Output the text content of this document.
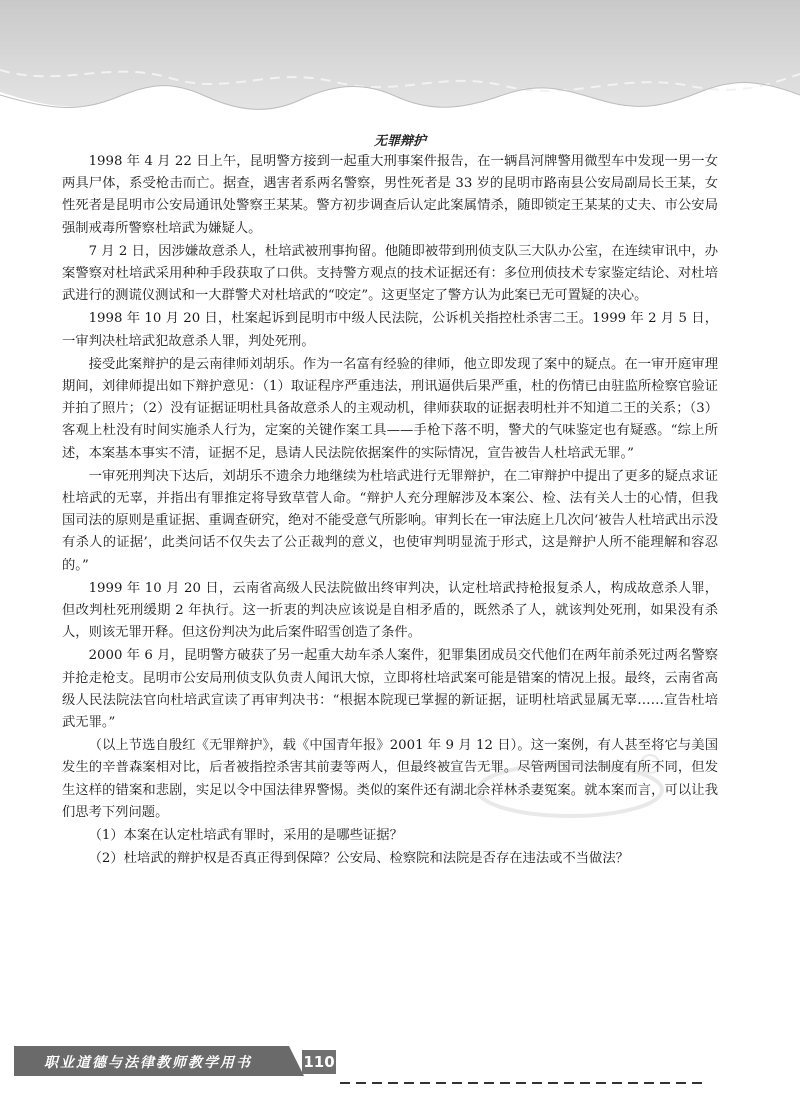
无罪辩护

1998 年 4 月 22 日上午，昆明警方接到一起重大刑事案件报告，在一辆昌河牌警用微型车中发现一男一女两具尸体，系受枪击而亡。据查，遇害者系两名警察，男性死者是 33 岁的昆明市路南县公安局副局长王某，女性死者是昆明市公安局通讯处警察王某某。警方初步调查后认定此案属情杀，随即锁定王某某的丈夫、市公安局强制戒毒所警察杜培武为嫌疑人。

7 月 2 日，因涉嫌故意杀人，杜培武被刑事拘留。他随即被带到刑侦支队三大队办公室，在连续审讯中，办案警察对杜培武采用种种手段获取了口供。支持警方观点的技术证据还有：多位刑侦技术专家鉴定结论、对杜培武进行的测谎仪测试和一大群警犬对杜培武的“咬定”。这更坚定了警方认为此案已无可置疑的决心。

1998 年 10 月 20 日，杜案起诉到昆明市中级人民法院，公诉机关指控杜杀害二王。1999 年 2 月 5 日，一审判决杜培武犯故意杀人罪，判处死刑。

接受此案辩护的是云南律师刘胡乐。作为一名富有经验的律师，他立即发现了案中的疑点。在一审开庭审理期间，刘律师提出如下辩护意见：（1）取证程序严重违法，刑讯逼供后果严重，杜的伤情已由驻监所检察官验证并拍了照片；（2）没有证据证明杜具备故意杀人的主观动机，律师获取的证据表明杜并不知道二王的关系；（3）客观上杜没有时间实施杀人行为，定案的关键作案工具——手枪下落不明，警犬的气味鉴定也有疑惑。“综上所述，本案基本事实不清，证据不足，恳请人民法院依据案件的实际情况，宣告被告人杜培武无罪。”

一审死刑判决下达后，刘胡乐不遗余力地继续为杜培武进行无罪辩护，在二审辩护中提出了更多的疑点求证杜培武的无辜，并指出有罪推定将导致草菅人命。“辩护人充分理解涉及本案公、检、法有关人士的心情，但我国司法的原则是重证据、重调查研究，绝对不能受意气所影响。审判长在一审法庭上几次问‘被告人杜培武出示没有杀人的证据’，此类问话不仅失去了公正裁判的意义，也使审判明显流于形式，这是辩护人所不能理解和容忍的。”

1999 年 10 月 20 日，云南省高级人民法院做出终审判决，认定杜培武持枪报复杀人，构成故意杀人罪，但改判杜死刑缓期 2 年执行。这一折衷的判决应该说是自相矛盾的，既然杀了人，就该判处死刑，如果没有杀人，则该无罪开释。但这份判决为此后案件昭雪创造了条件。

2000 年 6 月，昆明警方破获了另一起重大劫车杀人案件，犯罪集团成员交代他们在两年前杀死过两名警察并抢走枪支。昆明市公安局刑侦支队负责人闻讯大惊，立即将杜培武案可能是错案的情况上报。最终，云南省高级人民法院法官向杜培武宣读了再审判决书：“根据本院现已掌握的新证据，证明杜培武显属无辜……宣告杜培武无罪。”

（以上节选自殷红《无罪辩护》，载《中国青年报》2001 年 9 月 12 日）。这一案例，有人甚至将它与美国发生的辛普森案相对比，后者被指控杀害其前妻等两人，但最终被宣告无罪。尽管两国司法制度有所不同，但发生这样的错案和悲剧，实足以令中国法律界警惕。类似的案件还有湖北佘祥林杀妻冤案。就本案而言，可以让我们思考下列问题。

（1）本案在认定杜培武有罪时，采用的是哪些证据？

（2）杜培武的辩护权是否真正得到保障？公安局、检察院和法院是否存在违法或不当做法？

职业道德与法律教师教学用书	110
